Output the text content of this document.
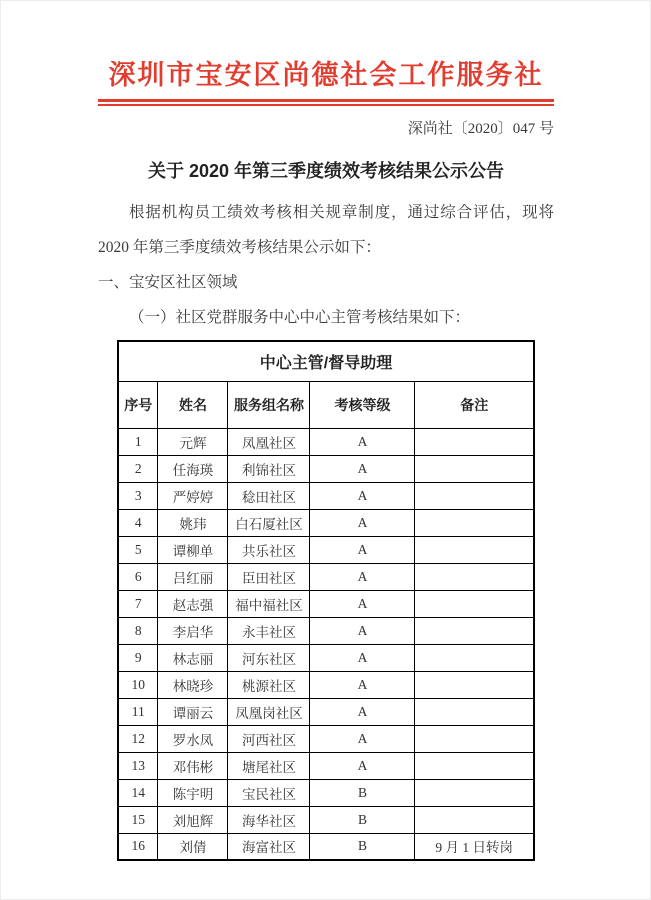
深圳市宝安区尚德社会工作服务社
深尚社〔2020〕047 号
关于 2020 年第三季度绩效考核结果公示公告

根据机构员工绩效考核相关规章制度，通过综合评估，现将 2020 年第三季度绩效考核结果公示如下：

一、宝安区社区领域

（一）社区党群服务中心中心主管考核结果如下：

中心主管/督导助理				
序号	姓名	服务组名称	考核等级	备注
1	元辉	凤凰社区	A	
2	任海瑛	利锦社区	A	
3	严婷婷	稔田社区	A	
4	姚玮	白石厦社区	A	
5	谭柳单	共乐社区	A	
6	吕红丽	臣田社区	A	
7	赵志强	福中福社区	A	
8	李启华	永丰社区	A	
9	林志丽	河东社区	A	
10	林晓珍	桃源社区	A	
11	谭丽云	凤凰岗社区	A	
12	罗水凤	河西社区	A	
13	邓伟彬	塘尾社区	A	
14	陈宇明	宝民社区	B	
15	刘旭辉	海华社区	B	
16	刘倩	海富社区	B	9 月 1 日转岗
